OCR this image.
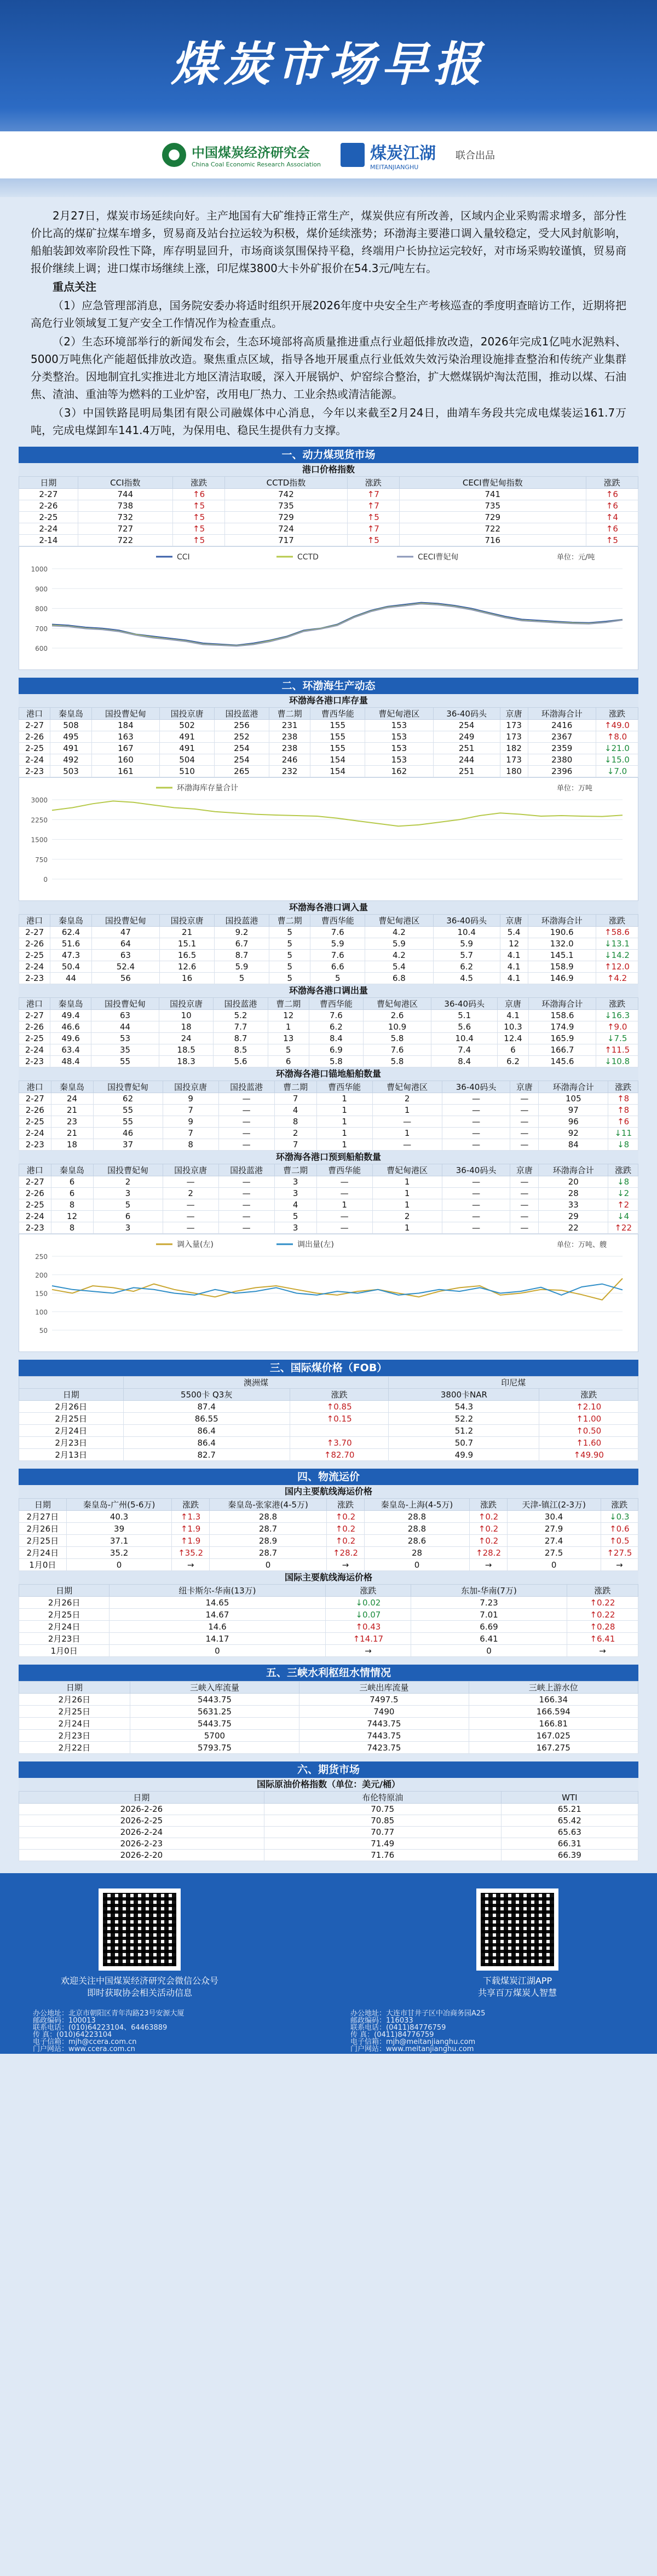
煤炭市场早报
中国煤炭经济研究会
China Coal Economic Research Association
煤炭江湖
MEITANJIANGHU
联合出品

2月27日，煤炭市场延续向好。主产地国有大矿维持正常生产，煤炭供应有所改善，区域内企业采购需求增多，部分性价比高的煤矿拉煤车增多，贸易商及站台拉运较为积极，煤价延续涨势；环渤海主要港口调入量较稳定，受大风封航影响，船舶装卸效率阶段性下降，库存明显回升，市场商谈氛围保持平稳，终端用户长协拉运完较好，对市场采购较谨慎，贸易商报价继续上调；进口煤市场继续上涨，印尼煤3800大卡外矿报价在54.3元/吨左右。

重点关注

（1）应急管理部消息，国务院安委办将适时组织开展2026年度中央安全生产考核巡查的季度明查暗访工作，近期将把高危行业领域复工复产安全工作情况作为检查重点。

（2）生态环境部举行的新闻发布会，生态环境部将高质量推进重点行业超低排放改造，2026年完成1亿吨水泥熟料、5000万吨焦化产能超低排放改造。聚焦重点区域，指导各地开展重点行业低效失效污染治理设施排查整治和传统产业集群分类整治。因地制宜扎实推进北方地区清洁取暖，深入开展锅炉、炉窑综合整治，扩大燃煤锅炉淘汰范围，推动以煤、石油焦、渣油、重油等为燃料的工业炉窑，改用电厂热力、工业余热或清洁能源。

（3）中国铁路昆明局集团有限公司融媒体中心消息，今年以来截至2月24日，曲靖车务段共完成电煤装运161.7万吨，完成电煤卸车141.4万吨，为保用电、稳民生提供有力支撑。

一、动力煤现货市场
港口价格指数
日期	CCI指数	涨跌	CCTD指数	涨跌	CECI曹妃甸指数	涨跌
2-27	744	↑6	742	↑7	741	↑6
2-26	738	↑5	735	↑7	735	↑6
2-25	732	↑5	729	↑5	729	↑4
2-24	727	↑5	724	↑7	722	↑6
2-14	722	↑5	717	↑5	716	↑5
CCI	CCTD	CECI曹妃甸	单位：元/吨
1000
900
800
700
600
二、环渤海生产动态
环渤海各港口库存量
港口	秦皇岛	国投曹妃甸	国投京唐	国投蓝港	曹二期	曹西华能	曹妃甸港区	36-40码头	京唐	环渤海合计	涨跌
2-27	508	184	502	256	231	155	153	254	173	2416	↑49.0
2-26	495	163	491	252	238	155	153	249	173	2367	↑8.0
2-25	491	167	491	254	238	155	153	251	182	2359	↓21.0
2-24	492	160	504	254	246	154	153	244	173	2380	↓15.0
2-23	503	161	510	265	232	154	162	251	180	2396	↓7.0
环渤海库存量合计	单位：万吨
3000
2250
1500
750
0
环渤海各港口调入量
港口	秦皇岛	国投曹妃甸	国投京唐	国投蓝港	曹二期	曹西华能	曹妃甸港区	36-40码头	京唐	环渤海合计	涨跌
2-27	62.4	47	21	9.2	5	7.6	4.2	10.4	5.4	190.6	↑58.6
2-26	51.6	64	15.1	6.7	5	5.9	5.9	5.9	12	132.0	↓13.1
2-25	47.3	63	16.5	8.7	5	7.6	4.2	5.7	4.1	145.1	↓14.2
2-24	50.4	52.4	12.6	5.9	5	6.6	5.4	6.2	4.1	158.9	↑12.0
2-23	44	56	16	5	5	5	6.8	4.5	4.1	146.9	↑4.2
环渤海各港口调出量
港口	秦皇岛	国投曹妃甸	国投京唐	国投蓝港	曹二期	曹西华能	曹妃甸港区	36-40码头	京唐	环渤海合计	涨跌
2-27	49.4	63	10	5.2	12	7.6	2.6	5.1	4.1	158.6	↓16.3
2-26	46.6	44	18	7.7	1	6.2	10.9	5.6	10.3	174.9	↑9.0
2-25	49.6	53	24	8.7	13	8.4	5.8	10.4	12.4	165.9	↓7.5
2-24	63.4	35	18.5	8.5	5	6.9	7.6	7.4	6	166.7	↑11.5
2-23	48.4	55	18.3	5.6	6	5.8	5.8	8.4	6.2	145.6	↓10.8
环渤海各港口锚地船舶数量
港口	秦皇岛	国投曹妃甸	国投京唐	国投蓝港	曹二期	曹西华能	曹妃甸港区	36-40码头	京唐	环渤海合计	涨跌
2-27	24	62	9	—	7	1	2	—	—	105	↑8
2-26	21	55	7	—	4	1	1	—	—	97	↑8
2-25	23	55	9	—	8	1	—	—	—	96	↑6
2-24	21	46	7	—	2	1	1	—	—	92	↓11
2-23	18	37	8	—	7	1	—	—	—	84	↓8
环渤海各港口预到船舶数量
港口	秦皇岛	国投曹妃甸	国投京唐	国投蓝港	曹二期	曹西华能	曹妃甸港区	36-40码头	京唐	环渤海合计	涨跌
2-27	6	2	—	—	3	—	1	—	—	20	↓8
2-26	6	3	2	—	3	—	1	—	—	28	↓2
2-25	8	5	—	—	4	1	1	—	—	33	↑2
2-24	12	6	—	—	5	—	2	—	—	29	↓4
2-23	8	3	—	—	3	—	1	—	—	22	↑22
调入量(左)	调出量(左)	单位：万吨、艘
250
200
150
100
50
三、国际煤价格（FOB）
	澳洲煤		印尼煤	
日期	5500卡 Q3灰	涨跌	3800卡NAR	涨跌
2月26日	87.4	↑0.85	54.3	↑2.10
2月25日	86.55	↑0.15	52.2	↑1.00
2月24日	86.4		51.2	↑0.50
2月23日	86.4	↑3.70	50.7	↑1.60
2月13日	82.7	↑82.70	49.9	↑49.90
四、物流运价
国内主要航线海运价格
日期	秦皇岛-广州(5-6万)	涨跌	秦皇岛-张家港(4-5万)	涨跌	秦皇岛-上海(4-5万)	涨跌	天津-镇江(2-3万)	涨跌
2月27日	40.3	↑1.3	28.8	↑0.2	28.8	↑0.2	30.4	↓0.3
2月26日	39	↑1.9	28.7	↑0.2	28.8	↑0.2	27.9	↑0.6
2月25日	37.1	↑1.9	28.9	↑0.2	28.6	↑0.2	27.4	↑0.5
2月24日	35.2	↑35.2	28.7	↑28.2	28	↑28.2	27.5	↑27.5
1月0日	0	→	0	→	0	→	0	→
国际主要航线海运价格
日期	纽卡斯尔-华南(13万)	涨跌	东加-华南(7万)	涨跌
2月26日	14.65	↓0.02	7.23	↑0.22
2月25日	14.67	↓0.07	7.01	↑0.22
2月24日	14.6	↑0.43	6.69	↑0.28
2月23日	14.17	↑14.17	6.41	↑6.41
1月0日	0	→	0	→
五、三峡水利枢纽水情情况
日期	三峡入库流量	三峡出库流量	三峡上游水位
2月26日	5443.75	7497.5	166.34
2月25日	5631.25	7490	166.594
2月24日	5443.75	7443.75	166.81
2月23日	5700	7443.75	167.025
2月22日	5793.75	7423.75	167.275
六、期货市场
国际原油价格指数（单位：美元/桶）
日期	布伦特原油	WTI
2026-2-26	70.75	65.21
2026-2-25	70.85	65.42
2026-2-24	70.77	65.63
2026-2-23	71.49	66.31
2026-2-20	71.76	66.39
欢迎关注中国煤炭经济研究会微信公众号
即时获取协会相关活动信息
下载煤炭江湖APP
共享百万煤炭人智慧
办公地址：北京市朝阳区青年沟路23号安源大厦
邮政编码：100013
联系电话：(010)64223104、64463889
传 真：(010)64223104
电子信箱：mjh@ccera.com.cn
门户网站：www.ccera.com.cn
办公地址：大连市甘井子区中冶商务园A25
邮政编码：116033
联系电话：(0411)84776759
传 真：(0411)84776759
电子信箱：mjh@meitanjianghu.com
门户网站：www.meitanjianghu.com
